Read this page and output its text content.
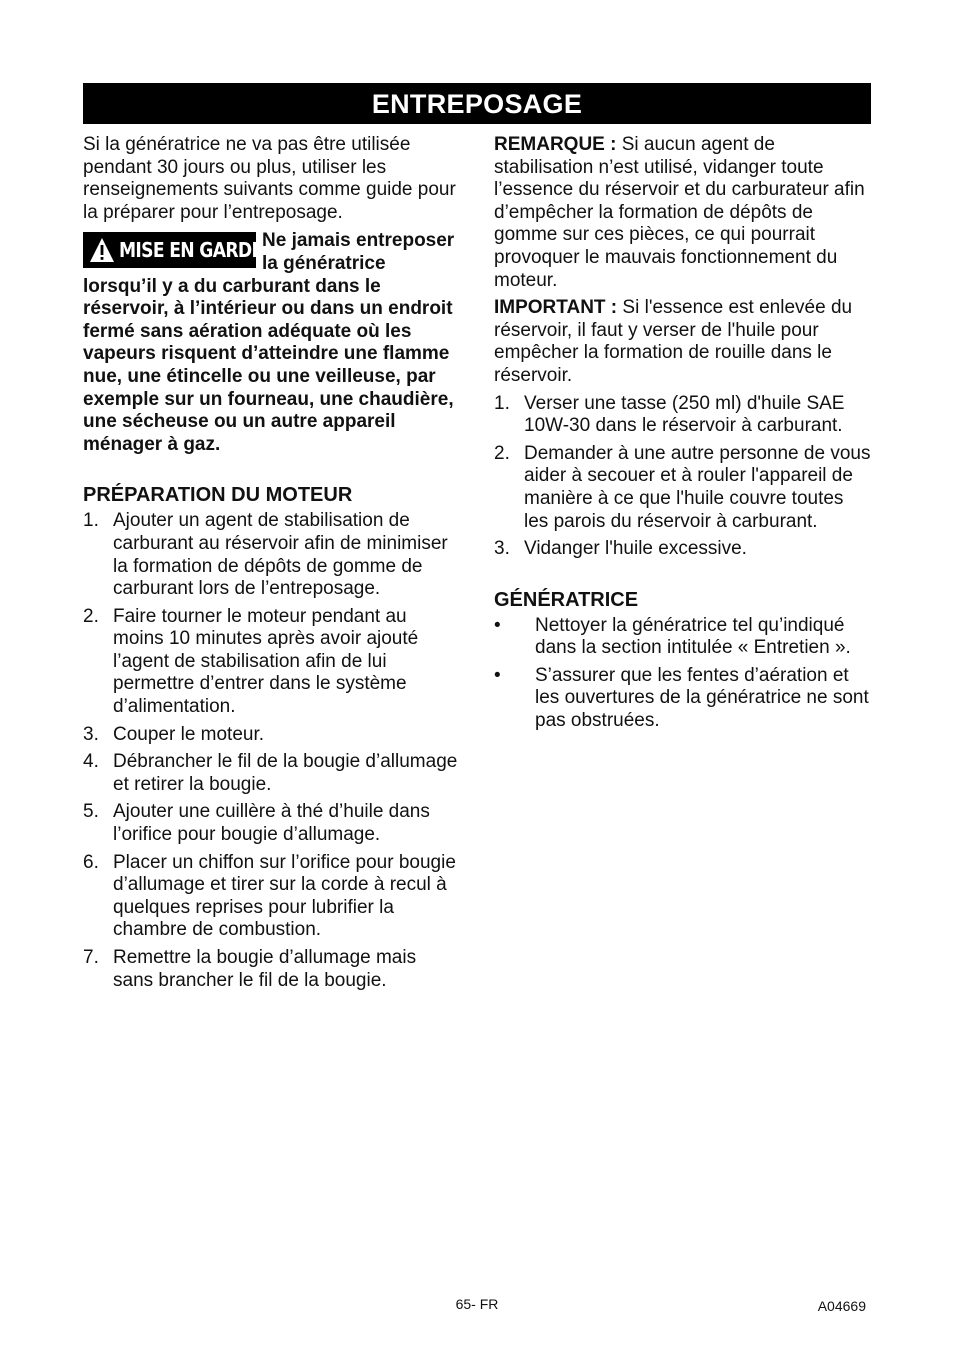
ENTREPOSAGE

Si la génératrice ne va pas être utilisée pendant 30 jours ou plus, utiliser les renseignements suivants comme guide pour la préparer pour l’entreposage.

MISE EN GARDE Ne jamais entreposer la génératrice lorsqu’il y a du carburant dans le réservoir, à l’intérieur ou dans un endroit fermé sans aération adéquate où les vapeurs risquent d’atteindre une flamme nue, une étincelle ou une veilleuse, par exemple sur un fourneau, une chaudière, une sécheuse ou un autre appareil ménager à gaz.
PRÉPARATION DU MOTEUR
1. Ajouter un agent de stabilisation de carburant au réservoir afin de minimiser la formation de dépôts de gomme de carburant lors de l’entreposage.
2. Faire tourner le moteur pendant au moins 10 minutes après avoir ajouté l’agent de stabilisation afin de lui permettre d’entrer dans le système d’alimentation.
3. Couper le moteur.
4. Débrancher le fil de la bougie d’allumage et retirer la bougie.
5. Ajouter une cuillère à thé d’huile dans l’orifice pour bougie d’allumage.
6. Placer un chiffon sur l’orifice pour bougie d’allumage et tirer sur la corde à recul à quelques reprises pour lubrifier la chambre de combustion.
7. Remettre la bougie d’allumage mais sans brancher le fil de la bougie.

REMARQUE : Si aucun agent de stabilisation n’est utilisé, vidanger toute l’essence du réservoir et du carburateur afin d’empêcher la formation de dépôts de gomme sur ces pièces, ce qui pourrait provoquer le mauvais fonctionnement du moteur.

IMPORTANT : Si l'essence est enlevée du réservoir, il faut y verser de l'huile pour empêcher la formation de rouille dans le réservoir.

1. Verser une tasse (250 ml) d'huile SAE 10W-30 dans le réservoir à carburant.
2. Demander à une autre personne de vous aider à secouer et à rouler l'appareil de manière à ce que l'huile couvre toutes les parois du réservoir à carburant.
3. Vidanger l'huile excessive.
GÉNÉRATRICE
• Nettoyer la génératrice tel qu’indiqué dans la section intitulée « Entretien ».
• S’assurer que les fentes d’aération et les ouvertures de la génératrice ne sont pas obstruées.
65- FR	A04669
